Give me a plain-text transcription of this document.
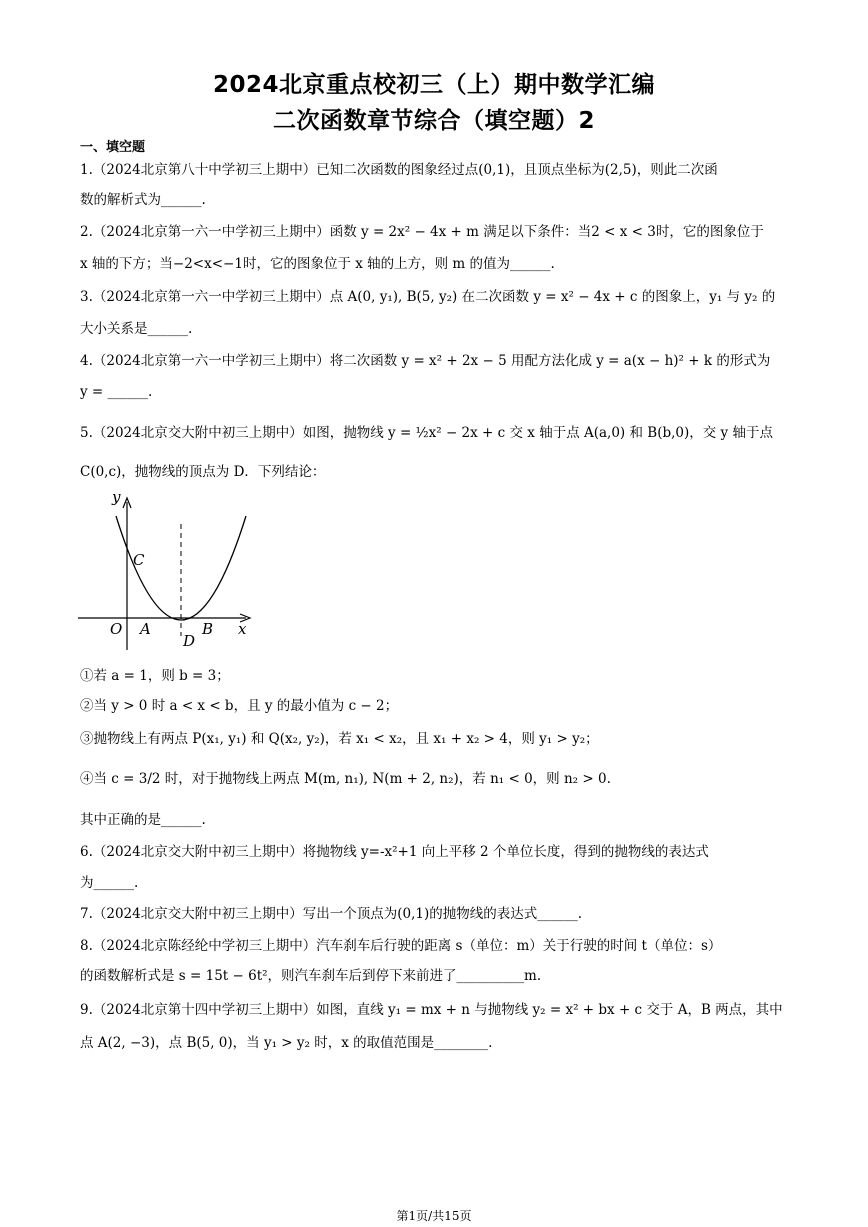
2024北京重点校初三（上）期中数学汇编
二次函数章节综合（填空题）2
一、填空题
1.（2024北京第八十中学初三上期中）已知二次函数的图象经过点(0,1)，且顶点坐标为(2,5)，则此二次函
数的解析式为______.
2.（2024北京第一六一中学初三上期中）函数 y = 2x² − 4x + m 满足以下条件：当2 < x < 3时，它的图象位于
x 轴的下方；当−2<x<−1时，它的图象位于 x 轴的上方，则 m 的值为______.
3.（2024北京第一六一中学初三上期中）点 A(0, y₁), B(5, y₂) 在二次函数 y = x² − 4x + c 的图象上，y₁ 与 y₂ 的
大小关系是______.
4.（2024北京第一六一中学初三上期中）将二次函数 y = x² + 2x − 5 用配方法化成 y = a(x − h)² + k 的形式为
y = ______.
5.（2024北京交大附中初三上期中）如图，抛物线 y = ½x² − 2x + c 交 x 轴于点 A(a,0) 和 B(b,0)，交 y 轴于点
C(0,c)，抛物线的顶点为 D．下列结论：
y
x
O A	B
C
D
①若 a = 1，则 b = 3；
②当 y > 0 时 a < x < b，且 y 的最小值为 c − 2；
③抛物线上有两点 P(x₁, y₁) 和 Q(x₂, y₂)，若 x₁ < x₂，且 x₁ + x₂ > 4，则 y₁ > y₂；
④当 c = 3/2 时，对于抛物线上两点 M(m, n₁), N(m + 2, n₂)，若 n₁ < 0，则 n₂ > 0.
其中正确的是______.
6.（2024北京交大附中初三上期中）将抛物线 y=-x²+1 向上平移 2 个单位长度，得到的抛物线的表达式
为______.
7.（2024北京交大附中初三上期中）写出一个顶点为(0,1)的抛物线的表达式______.
8.（2024北京陈经纶中学初三上期中）汽车刹车后行驶的距离 s（单位：m）关于行驶的时间 t（单位：s）
的函数解析式是 s = 15t − 6t²，则汽车刹车后到停下来前进了__________m.
9.（2024北京第十四中学初三上期中）如图，直线 y₁ = mx + n 与抛物线 y₂ = x² + bx + c 交于 A，B 两点，其中
点 A(2, −3)，点 B(5, 0)，当 y₁ > y₂ 时，x 的取值范围是________.
第1页/共15页
